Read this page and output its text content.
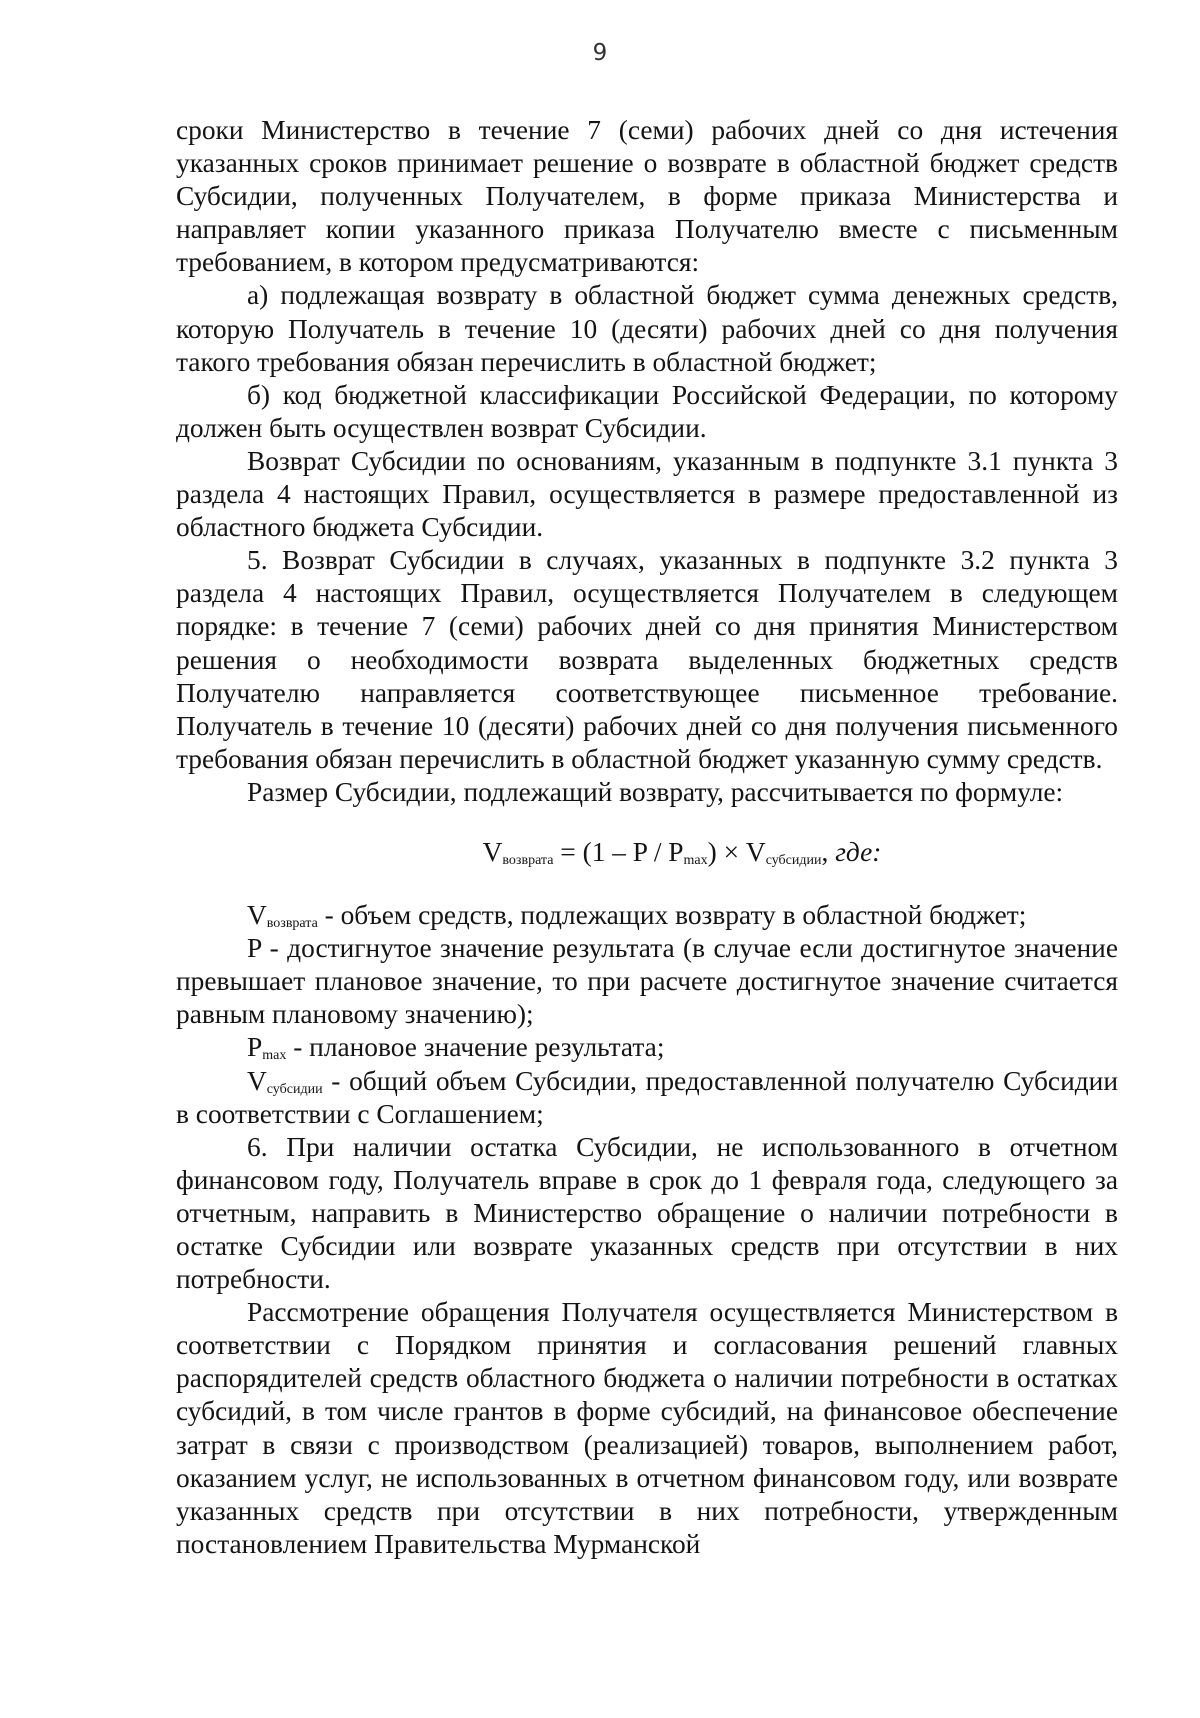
9

сроки Министерство в течение 7 (семи) рабочих дней со дня истечения указанных сроков принимает решение о возврате в областной бюджет средств Субсидии, полученных Получателем, в форме приказа Министерства и направляет копии указанного приказа Получателю вместе с письменным требованием, в котором предусматриваются:

а) подлежащая возврату в областной бюджет сумма денежных средств, которую Получатель в течение 10 (десяти) рабочих дней со дня получения такого требования обязан перечислить в областной бюджет;

б) код бюджетной классификации Российской Федерации, по которому должен быть осуществлен возврат Субсидии.

Возврат Субсидии по основаниям, указанным в подпункте 3.1 пункта 3 раздела 4 настоящих Правил, осуществляется в размере предоставленной из областного бюджета Субсидии.

5. Возврат Субсидии в случаях, указанных в подпункте 3.2 пункта 3 раздела 4 настоящих Правил, осуществляется Получателем в следующем порядке: в течение 7 (семи) рабочих дней со дня принятия Министерством решения о необходимости возврата выделенных бюджетных средств Получателю направляется соответствующее письменное требование. Получатель в течение 10 (десяти) рабочих дней со дня получения письменного требования обязан перечислить в областной бюджет указанную сумму средств.

Размер Субсидии, подлежащий возврату, рассчитывается по формуле:

$V_{возврата} = (1 - P / P_{max}) \times V_{субсидии}$, где:

$V_{возврата}$ - объем средств, подлежащих возврату в областной бюджет;

P - достигнутое значение результата (в случае если достигнутое значение превышает плановое значение, то при расчете достигнутое значение считается равным плановому значению);

$P_{max}$ - плановое значение результата;

$V_{субсидии}$ - общий объем Субсидии, предоставленной получателю Субсидии в соответствии с Соглашением;

6. При наличии остатка Субсидии, не использованного в отчетном финансовом году, Получатель вправе в срок до 1 февраля года, следующего за отчетным, направить в Министерство обращение о наличии потребности в остатке Субсидии или возврате указанных средств при отсутствии в них потребности.

Рассмотрение обращения Получателя осуществляется Министерством в соответствии с Порядком принятия и согласования решений главных распорядителей средств областного бюджета о наличии потребности в остатках субсидий, в том числе грантов в форме субсидий, на финансовое обеспечение затрат в связи с производством (реализацией) товаров, выполнением работ, оказанием услуг, не использованных в отчетном финансовом году, или возврате указанных средств при отсутствии в них потребности, утвержденным постановлением Правительства Мурманской
